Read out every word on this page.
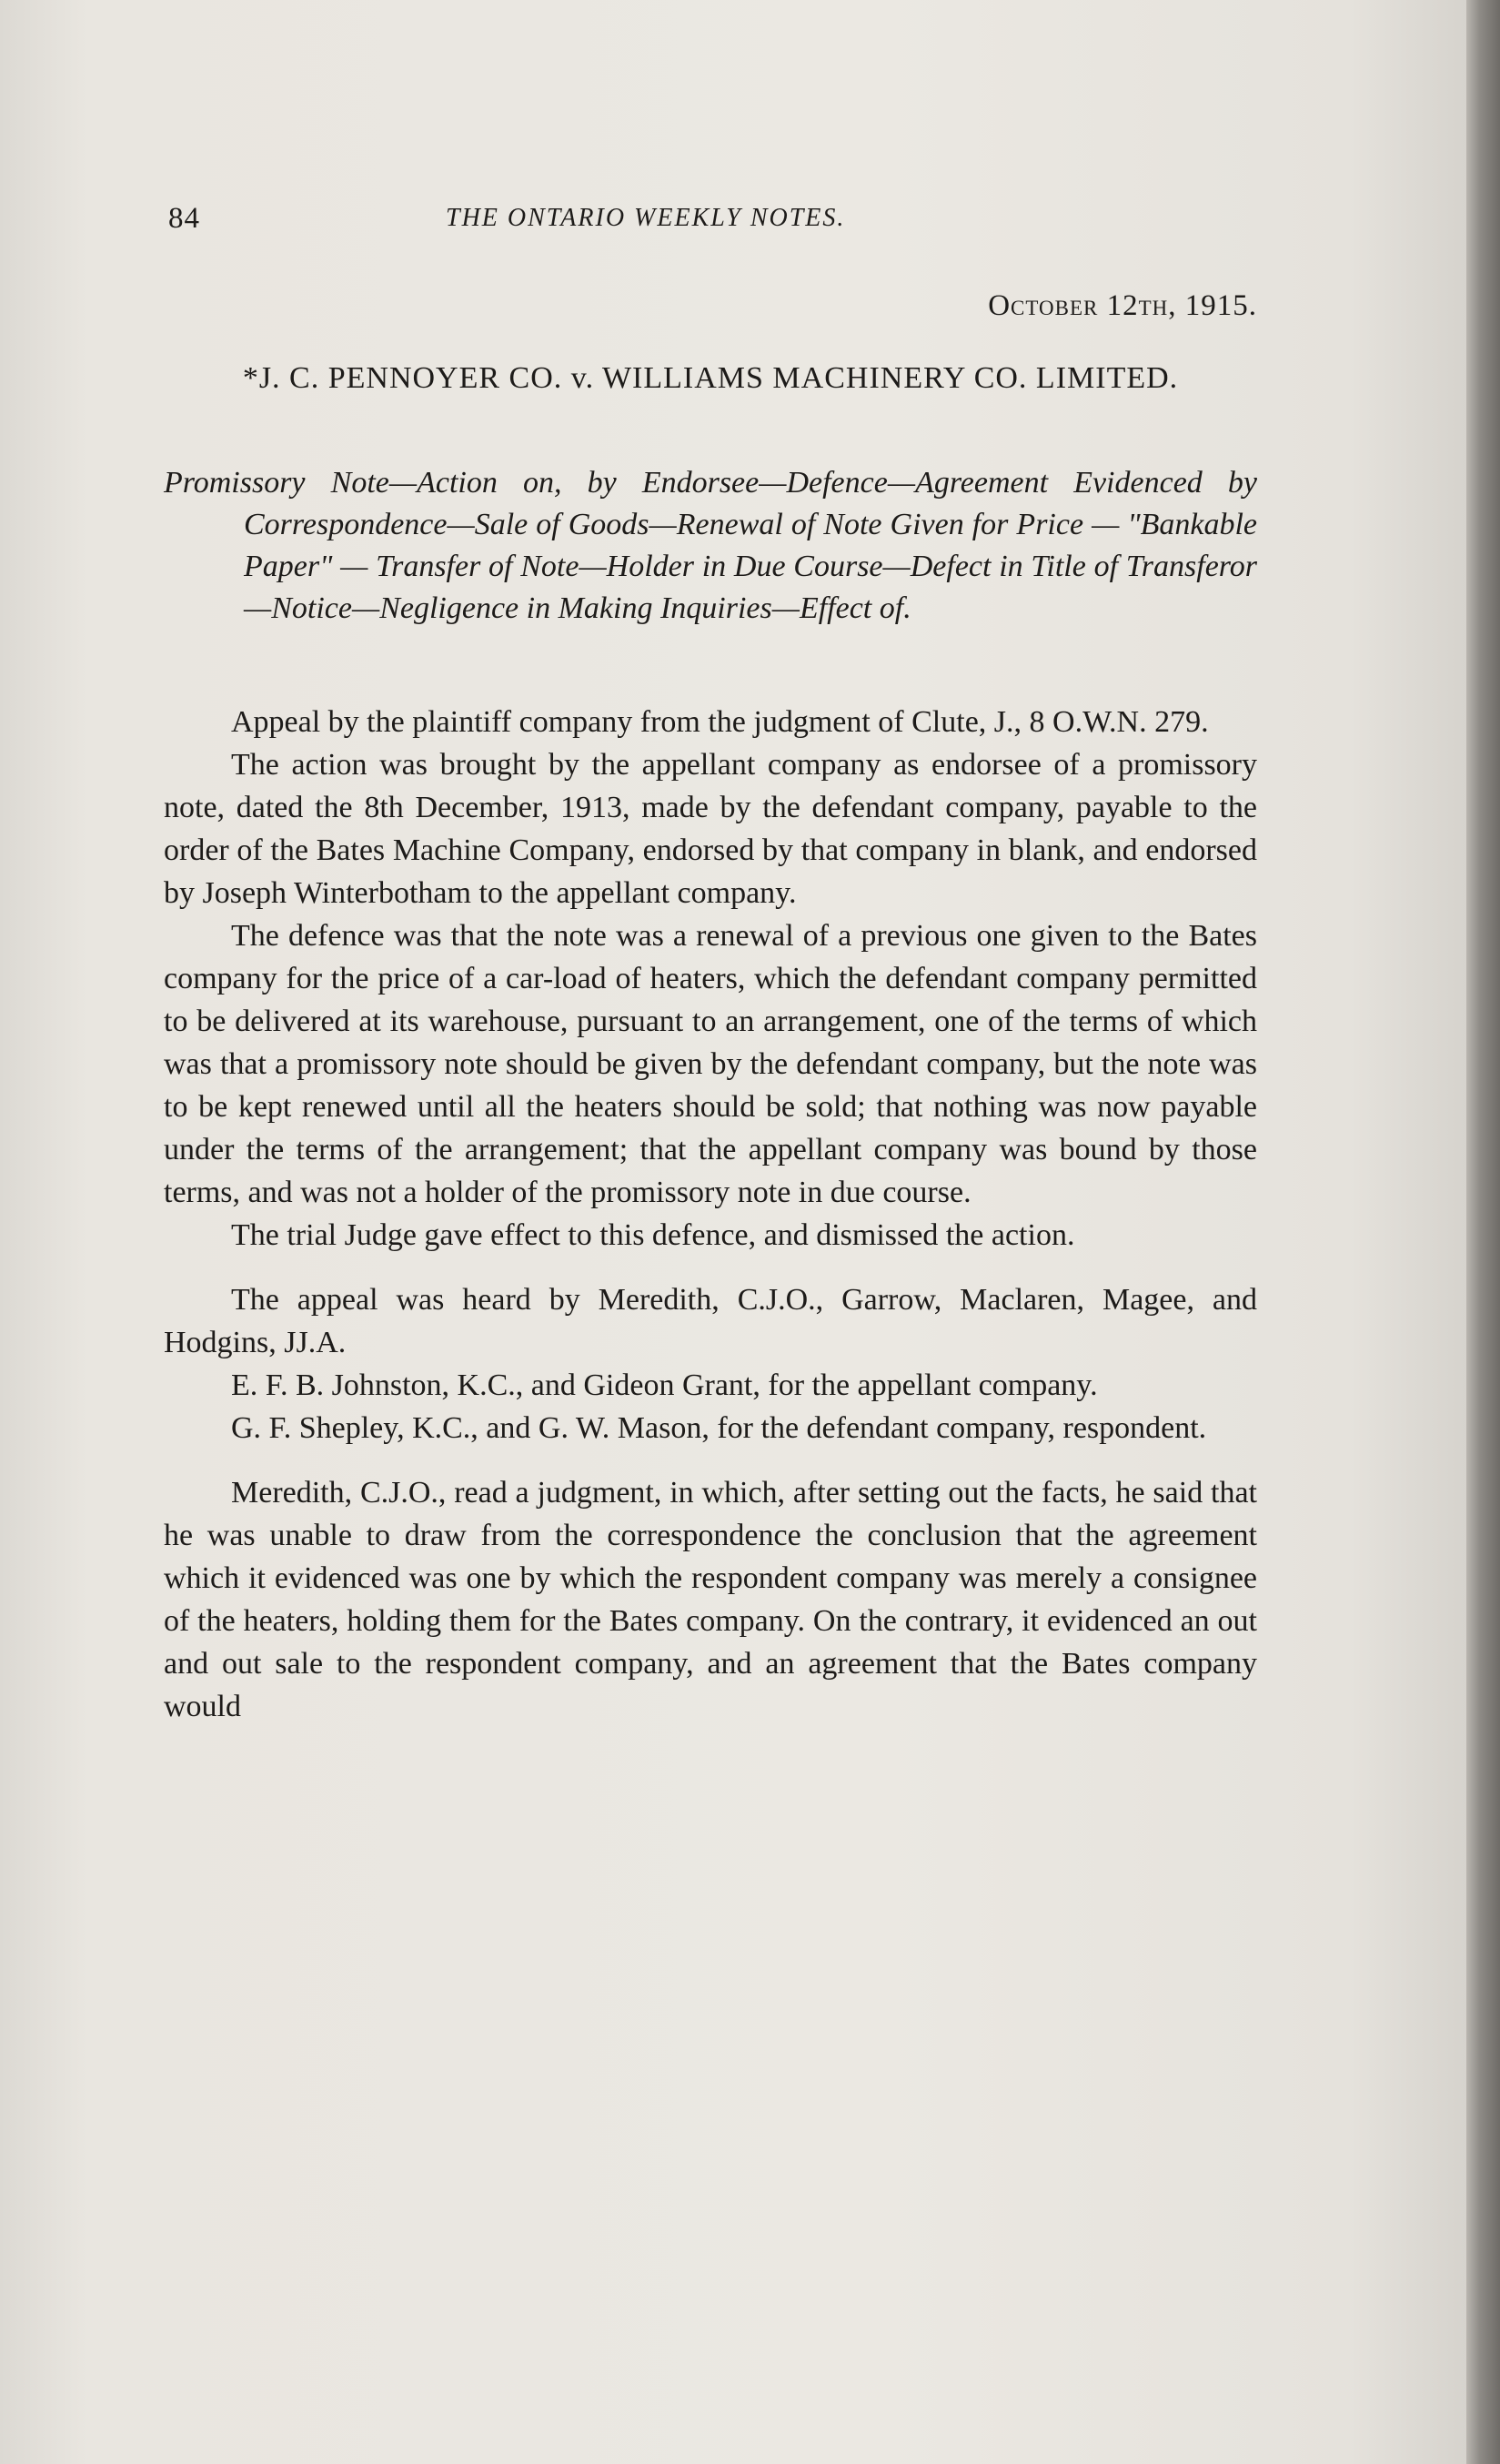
84	THE ONTARIO WEEKLY NOTES.
October 12th, 1915.
*J. C. PENNOYER CO. v. WILLIAMS MACHINERY CO. LIMITED.
Promissory Note—Action on, by Endorsee—Defence—Agreement Evidenced by Correspondence—Sale of Goods—Renewal of Note Given for Price — "Bankable Paper" — Transfer of Note—Holder in Due Course—Defect in Title of Transferor —Notice—Negligence in Making Inquiries—Effect of.

Appeal by the plaintiff company from the judgment of Clute, J., 8 O.W.N. 279.

The action was brought by the appellant company as endorsee of a promissory note, dated the 8th December, 1913, made by the defendant company, payable to the order of the Bates Machine Company, endorsed by that company in blank, and endorsed by Joseph Winterbotham to the appellant company.

The defence was that the note was a renewal of a previous one given to the Bates company for the price of a car-load of heaters, which the defendant company permitted to be delivered at its warehouse, pursuant to an arrangement, one of the terms of which was that a promissory note should be given by the defendant company, but the note was to be kept renewed until all the heaters should be sold; that nothing was now payable under the terms of the arrangement; that the appellant company was bound by those terms, and was not a holder of the promissory note in due course.

The trial Judge gave effect to this defence, and dismissed the action.

The appeal was heard by Meredith, C.J.O., Garrow, Maclaren, Magee, and Hodgins, JJ.A.

E. F. B. Johnston, K.C., and Gideon Grant, for the appellant company.

G. F. Shepley, K.C., and G. W. Mason, for the defendant company, respondent.

Meredith, C.J.O., read a judgment, in which, after setting out the facts, he said that he was unable to draw from the correspondence the conclusion that the agreement which it evidenced was one by which the respondent company was merely a consignee of the heaters, holding them for the Bates company. On the contrary, it evidenced an out and out sale to the respondent company, and an agreement that the Bates company would
